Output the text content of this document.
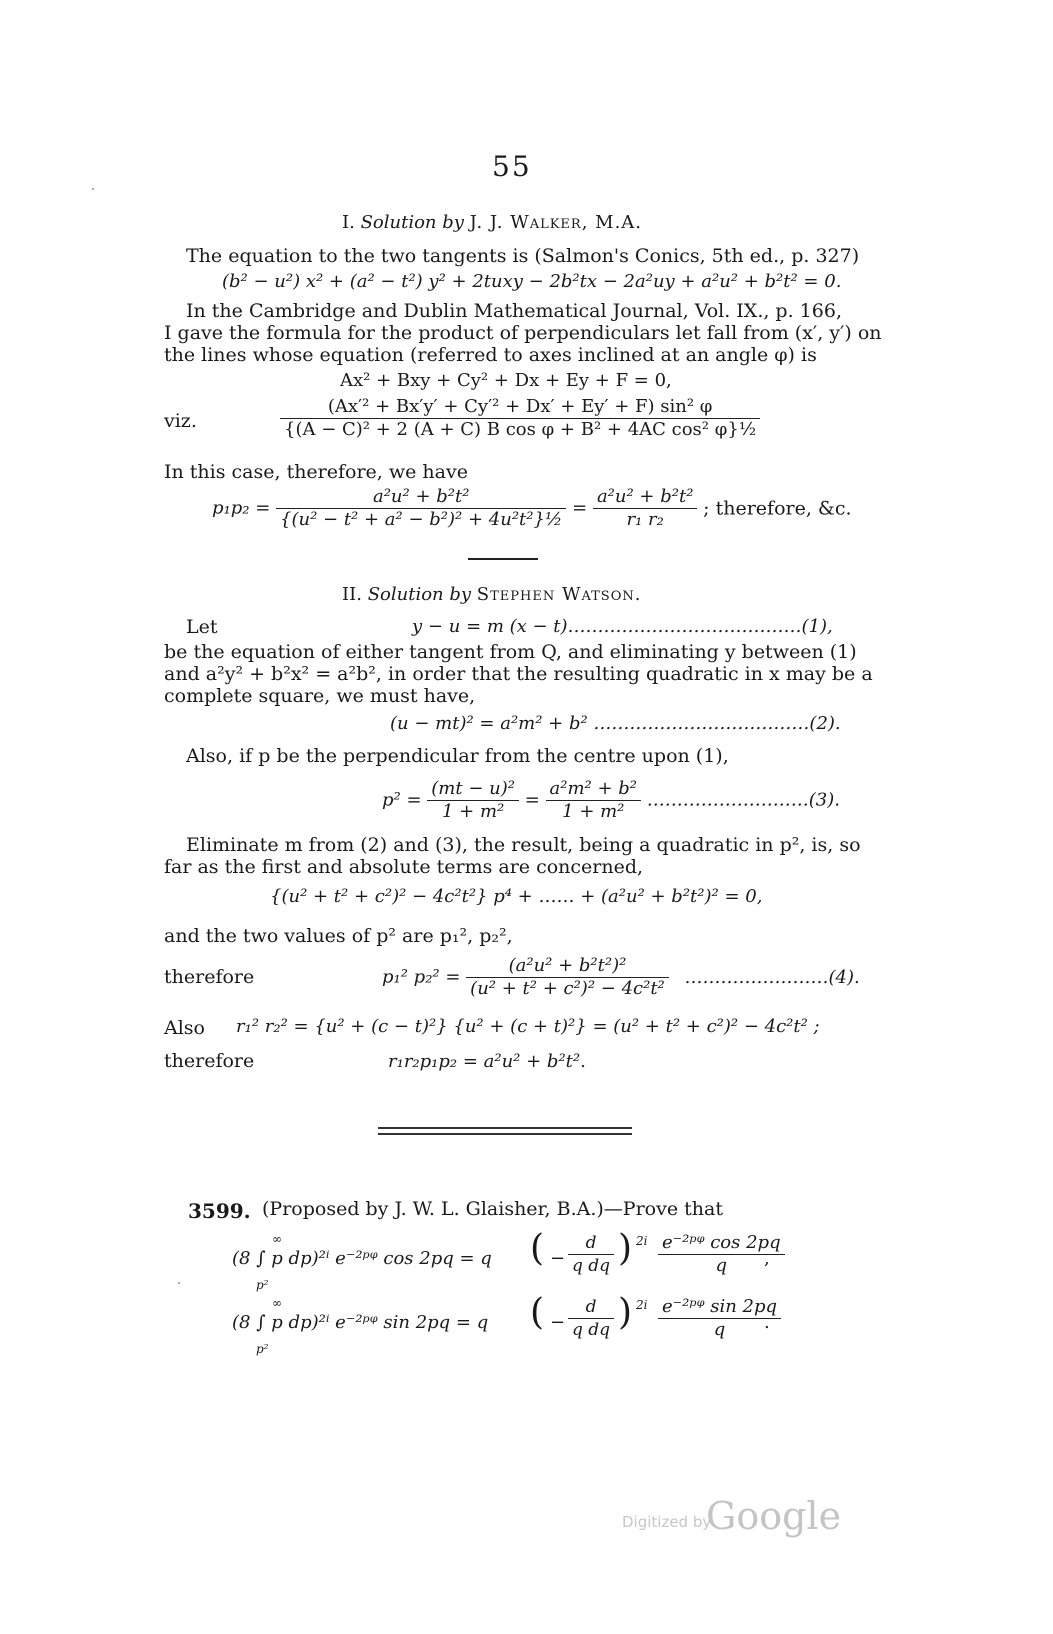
55
I. Solution by J. J. Walker, M.A.
The equation to the two tangents is (Salmon's Conics, 5th ed., p. 327)
(b² − u²) x² + (a² − t²) y² + 2tuxy − 2b²tx − 2a²uy + a²u² + b²t² = 0.
In the Cambridge and Dublin Mathematical Journal, Vol. IX., p. 166,
I gave the formula for the product of perpendiculars let fall from (x′, y′) on
the lines whose equation (referred to axes inclined at an angle φ) is
Ax² + Bxy + Cy² + Dx + Ey + F = 0,
viz.	$\frac{\text{(Ax′² + Bx′y′ + Cy′² + Dx′ + Ey′ + F) sin² φ}}{\text{\{(A − C)² + 2 (A + C) B cos φ + B² + 4AC cos² φ\}½}}$
In this case, therefore, we have
$p_1p_2 = \frac{\text{a²u² + b²t²}}{\text{\{(u² − t² + a² − b²)² + 4u²t²\}½}} = \frac{\text{a²u² + b²t²}}{\text{r₁ r₂}}$ ; therefore, &c.
II. Solution by Stephen Watson.
Let	y − u = m (x − t)…………………………………(1),
be the equation of either tangent from Q, and eliminating y between (1)
and a²y² + b²x² = a²b², in order that the resulting quadratic in x may be a
complete square, we must have,
(u − mt)² = a²m² + b² ………………………………(2).
Also, if p be the perpendicular from the centre upon (1),
$p^2 = \frac{\text{(mt − u)²}}{\text{1 + m²}} = \frac{\text{a²m² + b²}}{\text{1 + m²}}$ ………………………(3).
Eliminate m from (2) and (3), the result, being a quadratic in p², is, so
far as the first and absolute terms are concerned,
{(u² + t² + c²)² − 4c²t²} p⁴ + …… + (a²u² + b²t²)² = 0,
and the two values of p² are p₁², p₂²,
therefore	p₁² $p_2^2 = \frac{\text{(a²u² + b²t²)²}}{\text{(u² + t² + c²)² − 4c²t²}}$ ……………………(4).
Also r₁² r₂² = {u² + (c − t)²} {u² + (c + t)²} = (u² + t² + c²)² − 4c²t² ;
therefore	r₁r₂p₁p₂ = a²u² + b²t².
3599. (Proposed by J. W. L. Glaisher, B.A.)—Prove that
(8 ∫ p dp)²ⁱ e⁻²ᵖᵠ cos 2pq = q
∞
p²
( − $\frac{d}{\text{q dq}}$ ) $2i \frac{\text{e⁻²ᵖᵠ cos 2pq}}{q}$
,
(8 ∫ p dp)²ⁱ e⁻²ᵖᵠ sin 2pq = q
∞
p²
( − $\frac{d}{\text{q dq}}$ ) $2i \frac{\text{e⁻²ᵖᵠ sin 2pq}}{q}$
.
Digitized by
Google
